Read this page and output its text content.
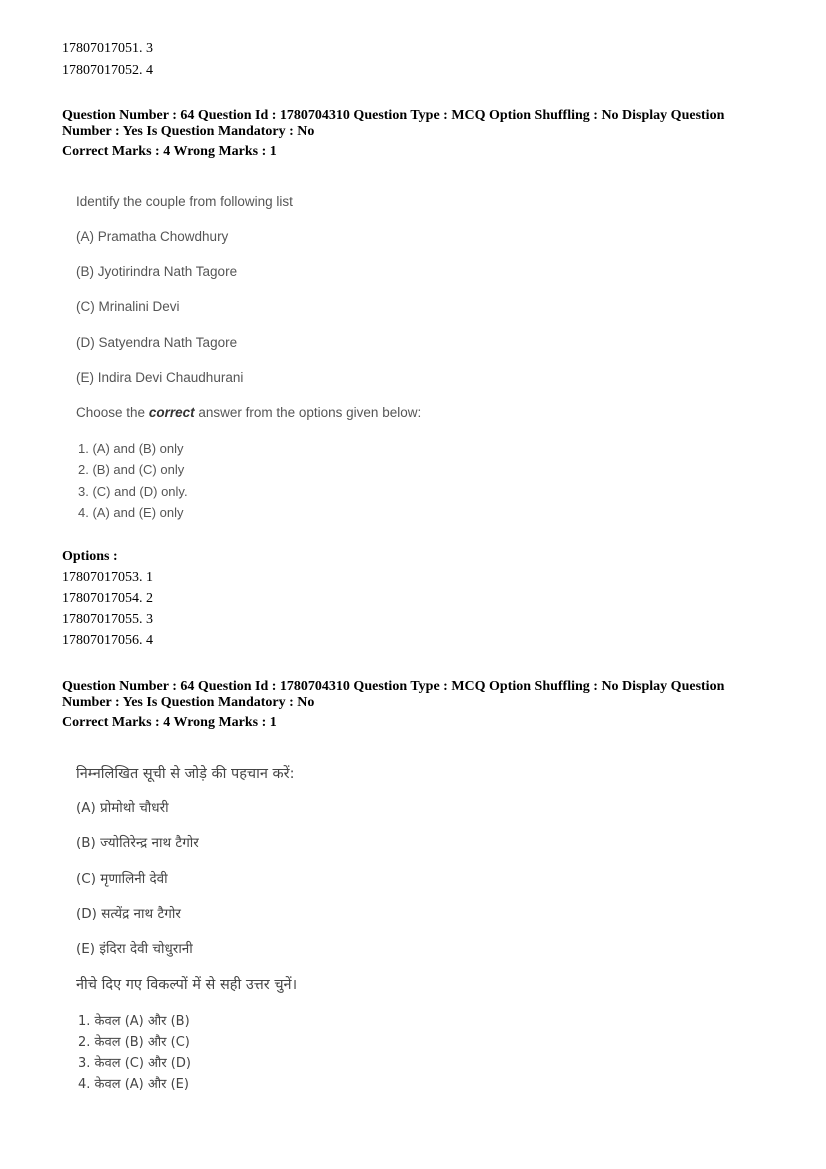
17807017051. 3
17807017052. 4
Question Number : 64 Question Id : 1780704310 Question Type : MCQ Option Shuffling : No Display Question
Number : Yes Is Question Mandatory : No
Correct Marks : 4 Wrong Marks : 1
Identify the couple from following list
(A) Pramatha Chowdhury
(B) Jyotirindra Nath Tagore
(C) Mrinalini Devi
(D) Satyendra Nath Tagore
(E) Indira Devi Chaudhurani
Choose the correct answer from the options given below:
1. (A) and (B) only
2. (B) and (C) only
3. (C) and (D) only.
4. (A) and (E) only
Options :
17807017053. 1
17807017054. 2
17807017055. 3
17807017056. 4
Question Number : 64 Question Id : 1780704310 Question Type : MCQ Option Shuffling : No Display Question
Number : Yes Is Question Mandatory : No
Correct Marks : 4 Wrong Marks : 1
निम्नलिखित सूची से जोड़े की पहचान करें:
(A) प्रोमोथो चौधरी
(B) ज्योतिरेन्द्र नाथ टैगोर
(C) मृणालिनी देवी
(D) सत्येंद्र नाथ टैगोर
(E) इंदिरा देवी चोधुरानी
नीचे दिए गए विकल्पों में से सही उत्तर चुनें।
1. केवल (A) और (B)
2. केवल (B) और (C)
3. केवल (C) और (D)
4. केवल (A) और (E)
